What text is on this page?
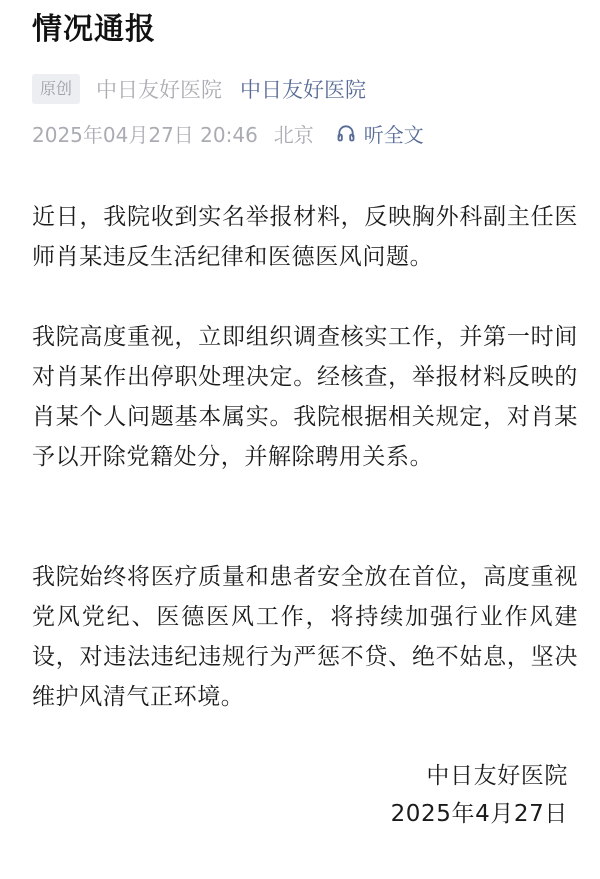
情况通报
原创	中日友好医院 中日友好医院
2025年04月27日 20:46 北京	听全文

近日，我院收到实名举报材料，反映胸外科副主任医师肖某违反生活纪律和医德医风问题。

我院高度重视，立即组织调查核实工作，并第一时间对肖某作出停职处理决定。经核查，举报材料反映的肖某个人问题基本属实。我院根据相关规定，对肖某予以开除党籍处分，并解除聘用关系。

我院始终将医疗质量和患者安全放在首位，高度重视党风党纪、医德医风工作，将持续加强行业作风建设，对违法违纪违规行为严惩不贷、绝不姑息，坚决维护风清气正环境。

中日友好医院
2025年4月27日
